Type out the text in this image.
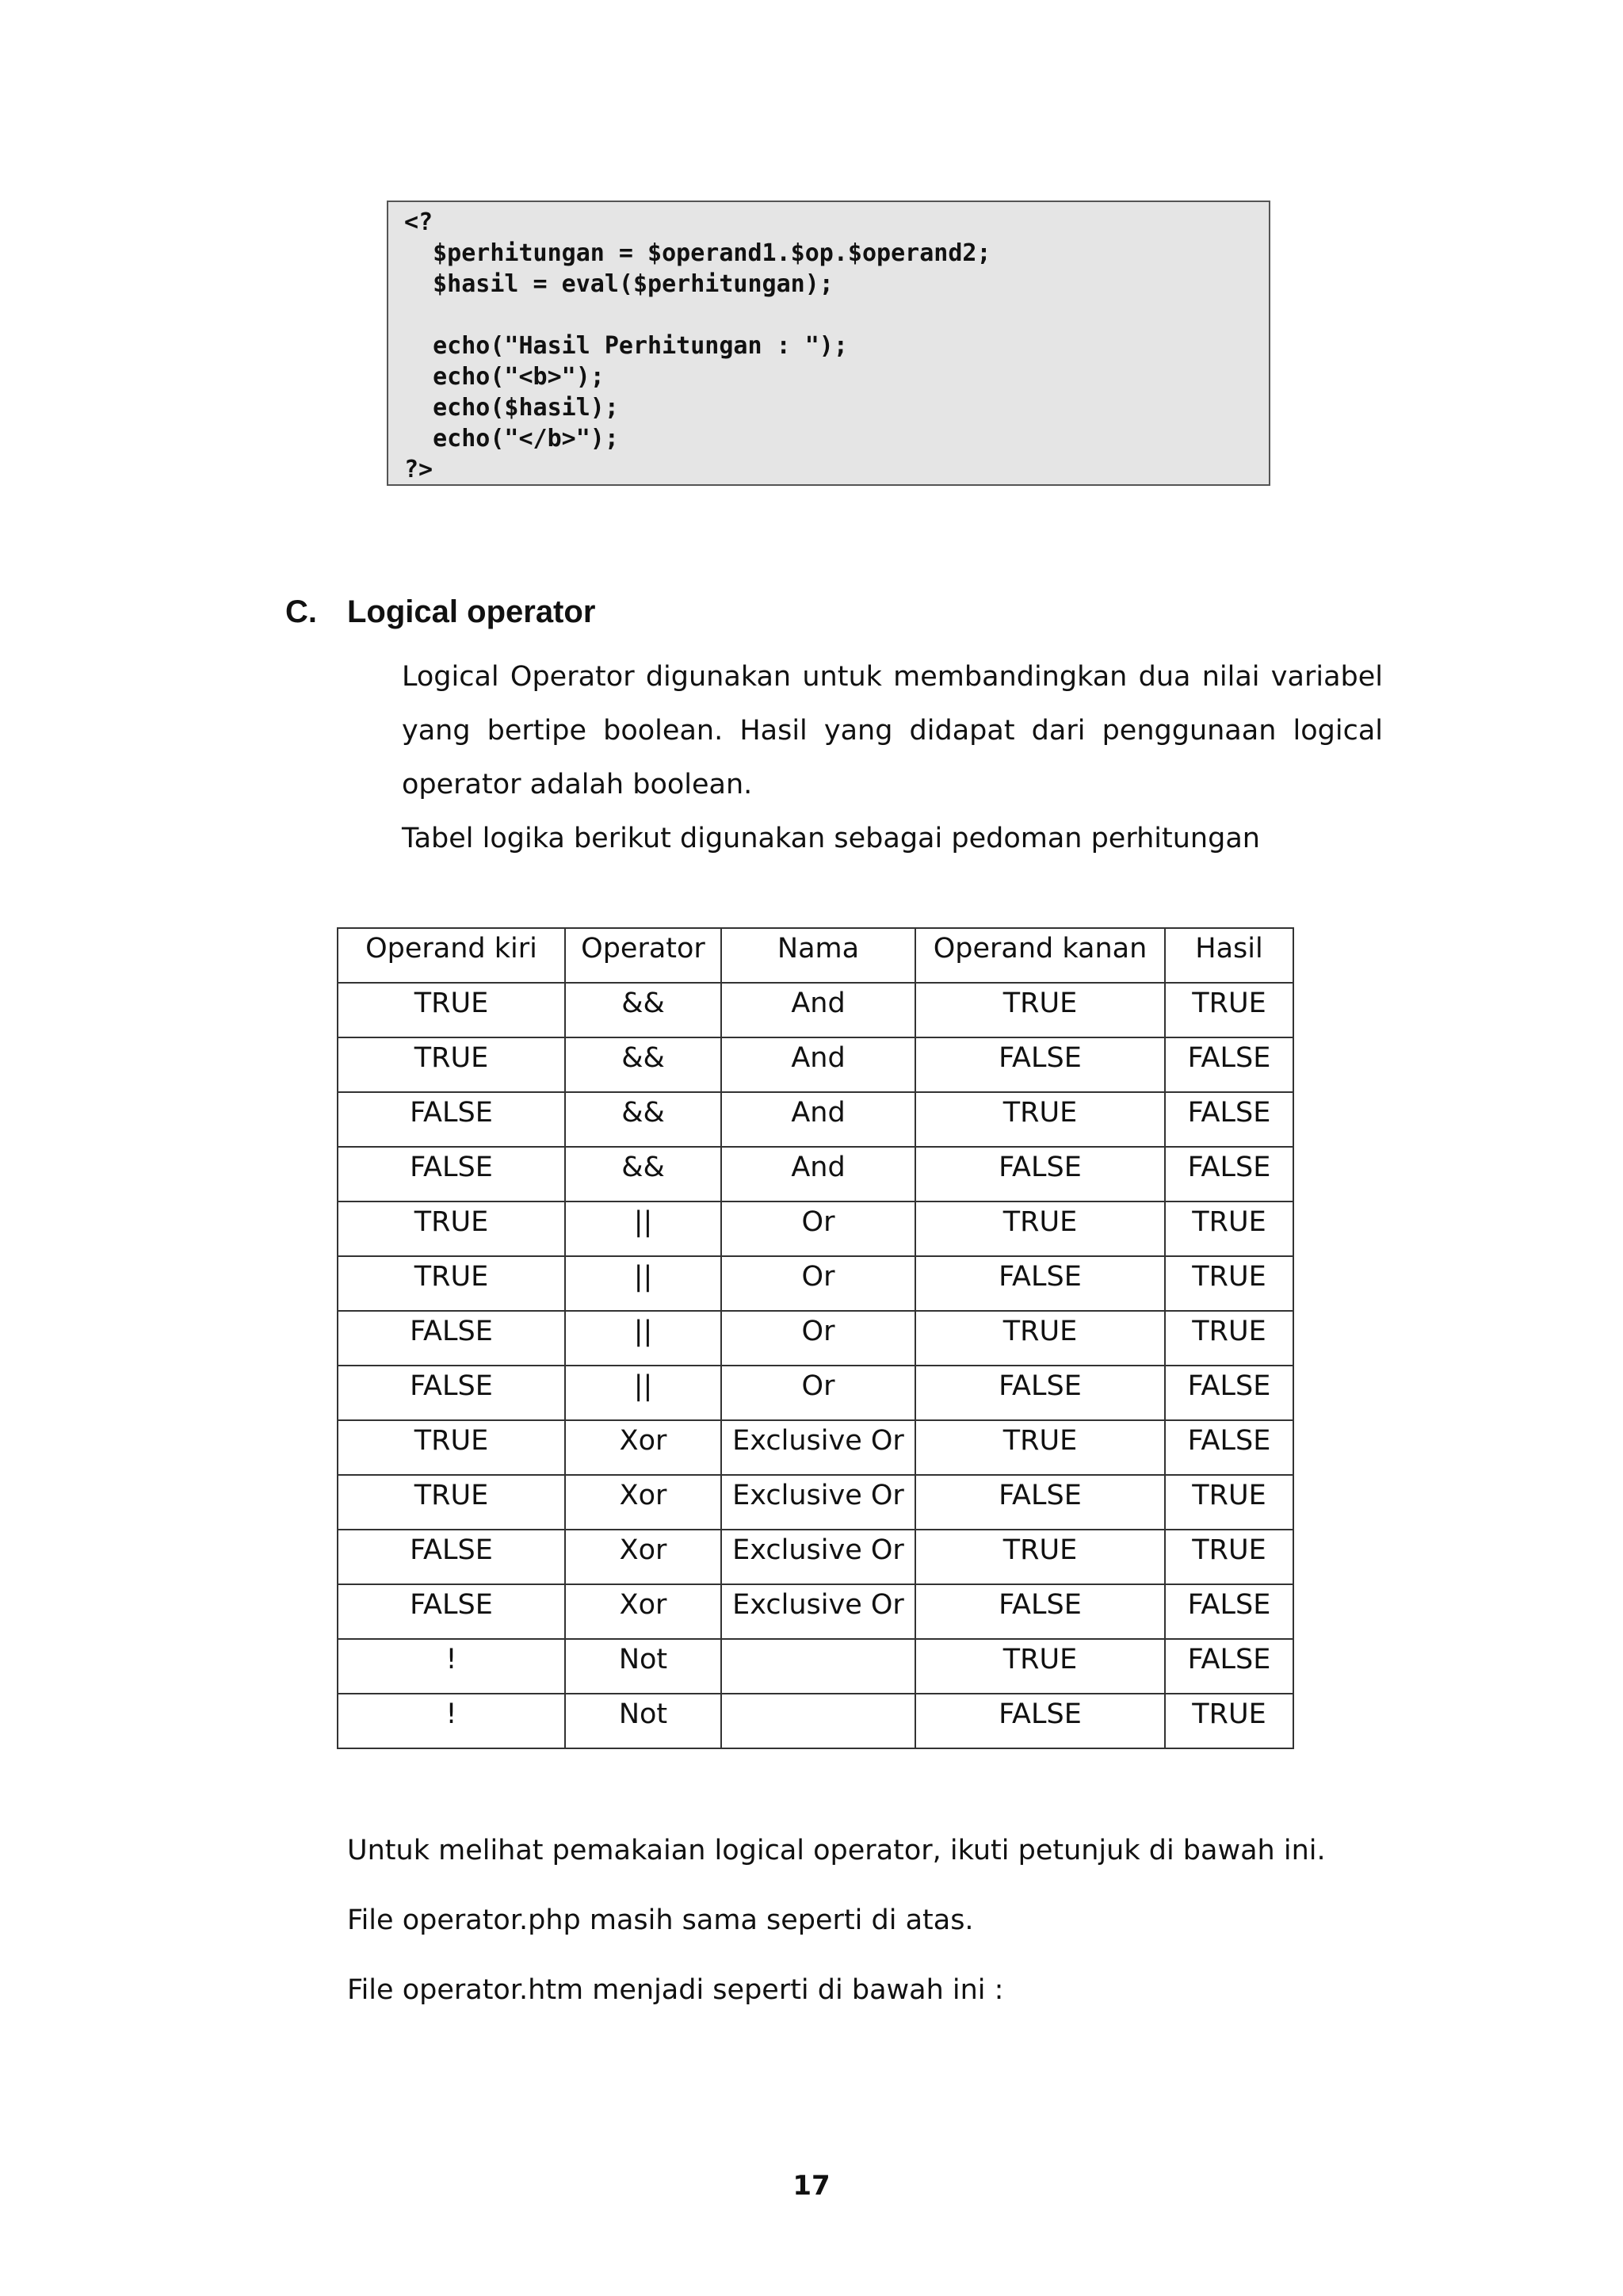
<?
$perhitungan = $operand1.$op.$operand2;
$hasil = eval($perhitungan);
echo("Hasil Perhitungan : ");
echo("<b>");
echo($hasil);
echo("</b>");
?>
C. Logical operator

Logical Operator digunakan untuk membandingkan dua nilai variabel yang bertipe boolean. Hasil yang didapat dari penggunaan logical operator adalah boolean.

Tabel logika berikut digunakan sebagai pedoman perhitungan

Operand kiri	Operator	Nama	Operand kanan	Hasil
TRUE	&&	And	TRUE	TRUE
TRUE	&&	And	FALSE	FALSE
FALSE	&&	And	TRUE	FALSE
FALSE	&&	And	FALSE	FALSE
TRUE	||	Or	TRUE	TRUE
TRUE	||	Or	FALSE	TRUE
FALSE	||	Or	TRUE	TRUE
FALSE	||	Or	FALSE	FALSE
TRUE	Xor	Exclusive Or	TRUE	FALSE
TRUE	Xor	Exclusive Or	FALSE	TRUE
FALSE	Xor	Exclusive Or	TRUE	TRUE
FALSE	Xor	Exclusive Or	FALSE	FALSE
!	Not		TRUE	FALSE
!	Not		FALSE	TRUE

Untuk melihat pemakaian logical operator, ikuti petunjuk di bawah ini.

File operator.php masih sama seperti di atas.

File operator.htm menjadi seperti di bawah ini :

17
